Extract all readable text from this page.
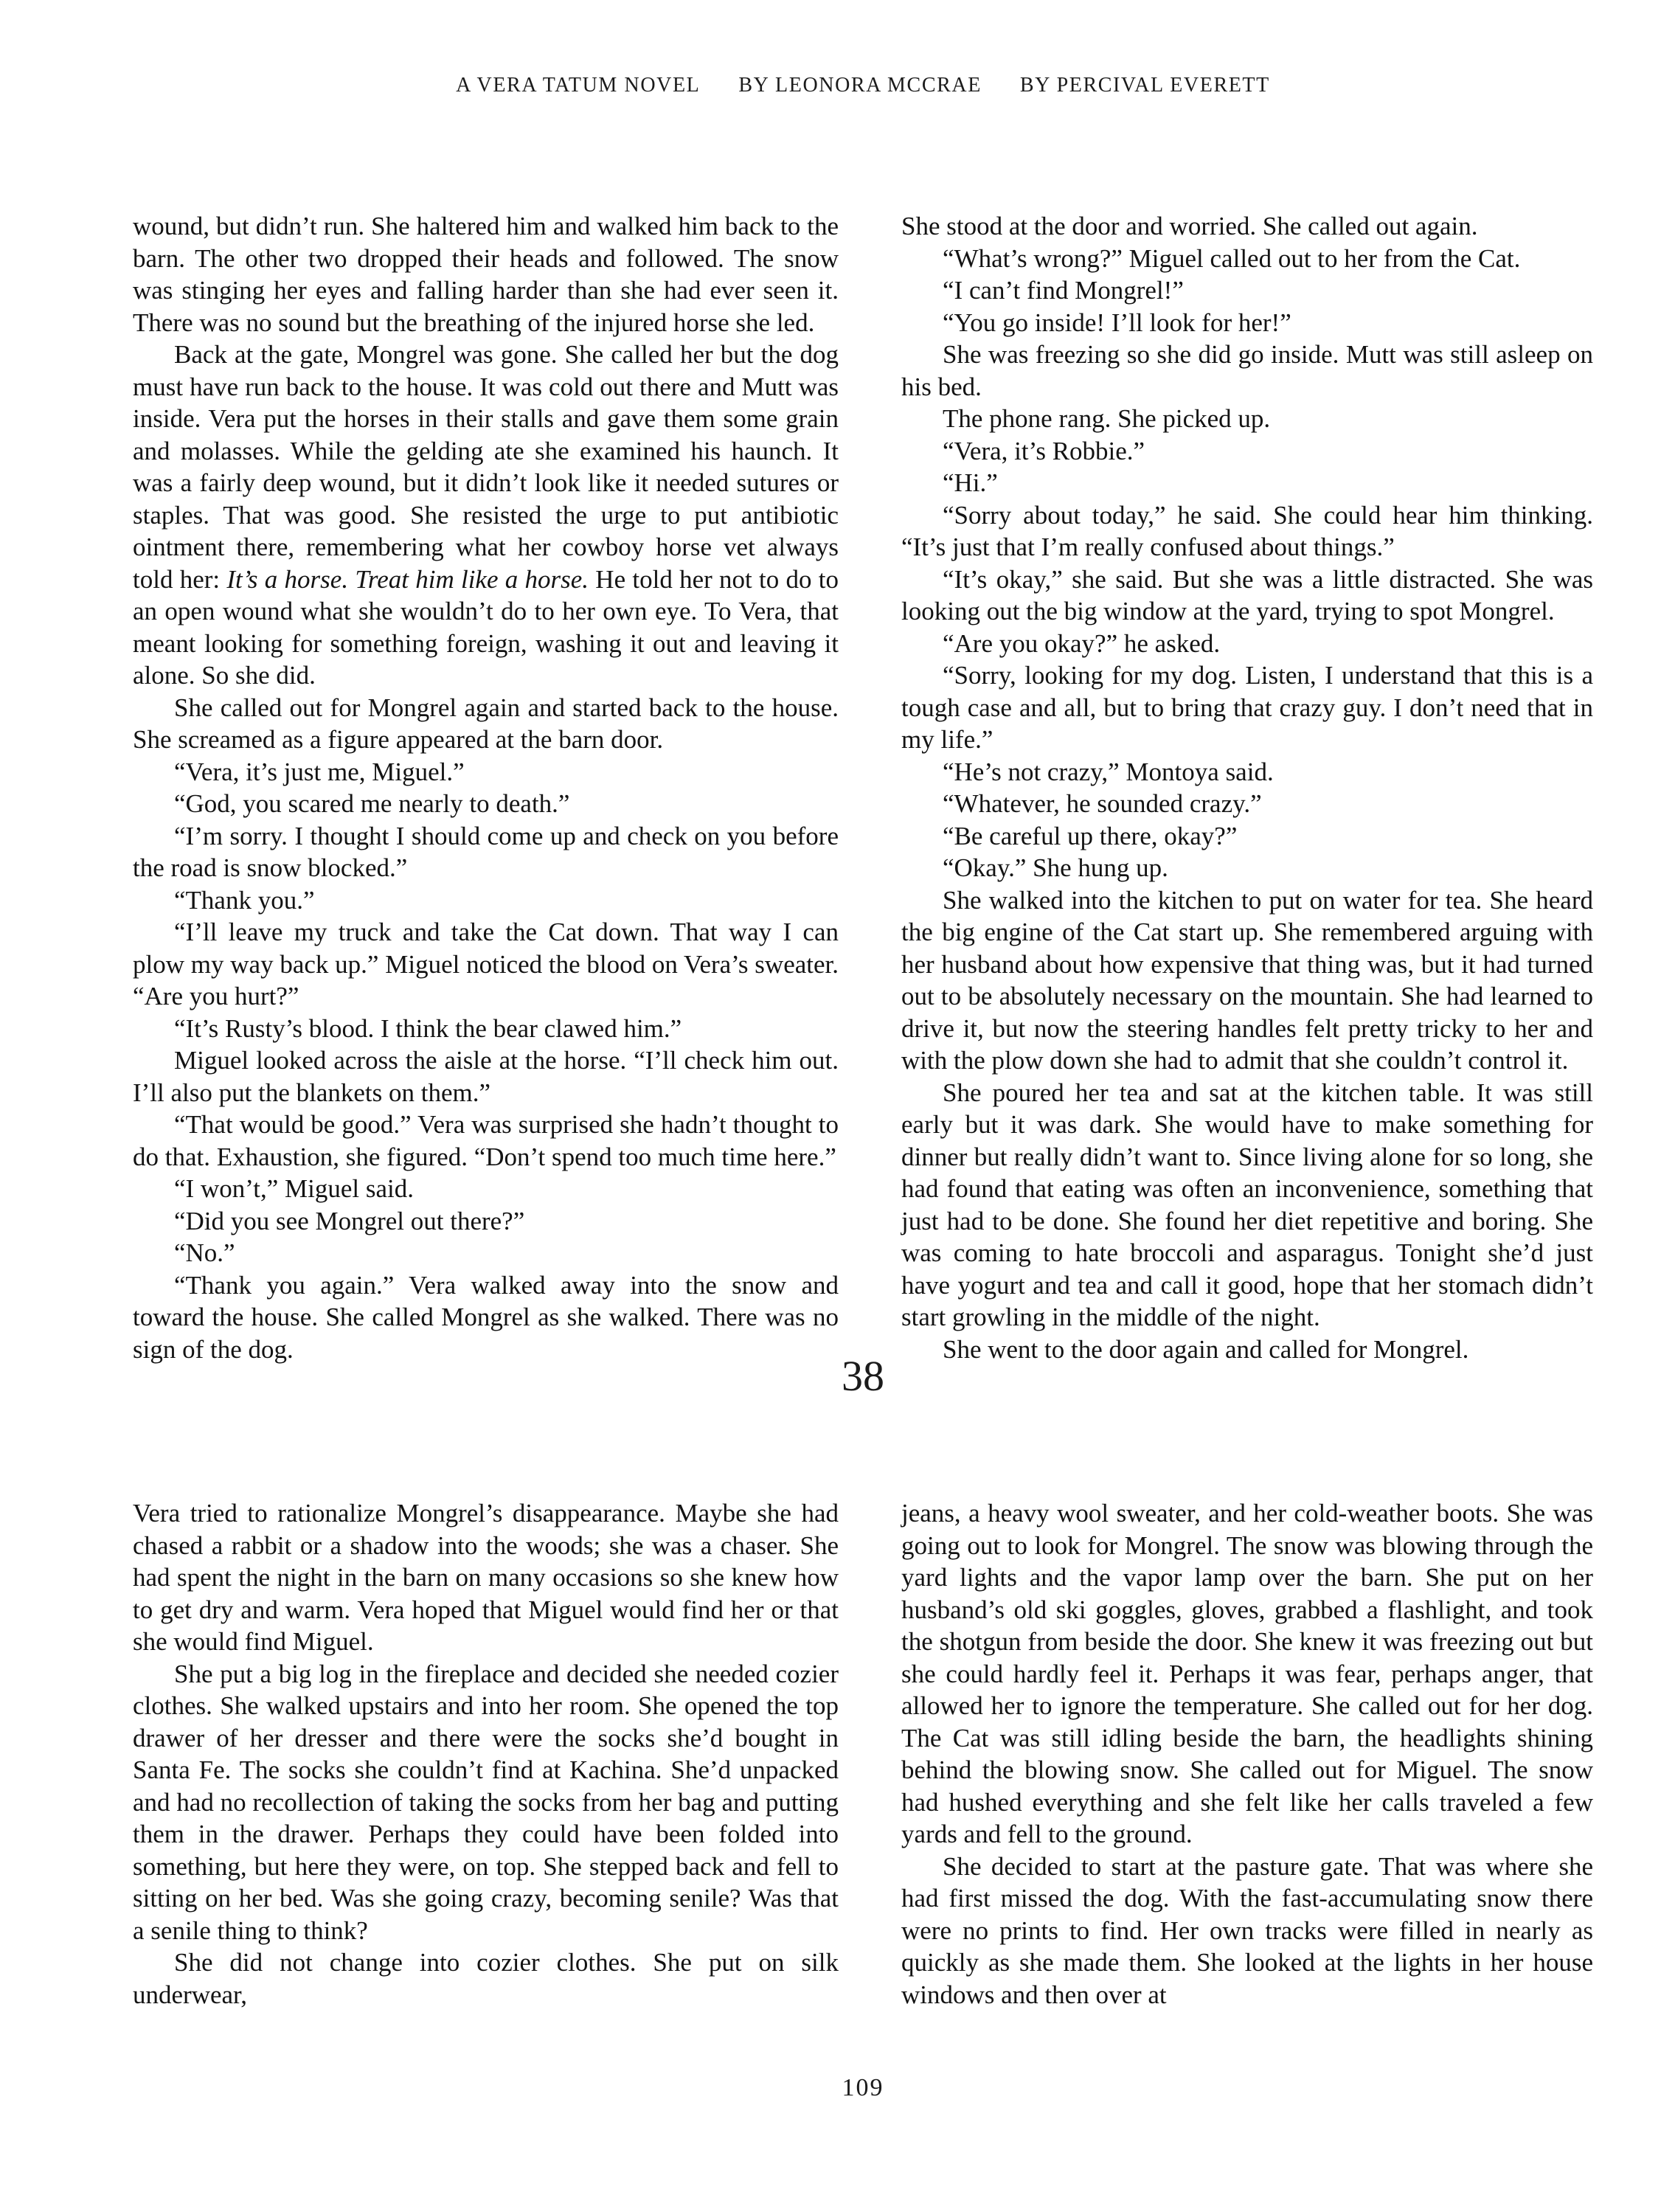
A VERA TATUM NOVEL BY LEONORA MCCRAE BY PERCIVAL EVERETT

wound, but didn’t run. She haltered him and walked him back to the barn. The other two dropped their heads and followed. The snow was stinging her eyes and falling harder than she had ever seen it. There was no sound but the breathing of the injured horse she led.

Back at the gate, Mongrel was gone. She called her but the dog must have run back to the house. It was cold out there and Mutt was inside. Vera put the horses in their stalls and gave them some grain and molasses. While the gelding ate she examined his haunch. It was a fairly deep wound, but it didn’t look like it needed sutures or staples. That was good. She resisted the urge to put antibiotic ointment there, remembering what her cowboy horse vet always told her: It’s a horse. Treat him like a horse. He told her not to do to an open wound what she wouldn’t do to her own eye. To Vera, that meant looking for something foreign, washing it out and leaving it alone. So she did.

She called out for Mongrel again and started back to the house. She screamed as a figure appeared at the barn door.

“Vera, it’s just me, Miguel.”

“God, you scared me nearly to death.”

“I’m sorry. I thought I should come up and check on you before the road is snow blocked.”

“Thank you.”

“I’ll leave my truck and take the Cat down. That way I can plow my way back up.” Miguel noticed the blood on Vera’s sweater. “Are you hurt?”

“It’s Rusty’s blood. I think the bear clawed him.”

Miguel looked across the aisle at the horse. “I’ll check him out. I’ll also put the blankets on them.”

“That would be good.” Vera was surprised she hadn’t thought to do that. Exhaustion, she figured. “Don’t spend too much time here.”

“I won’t,” Miguel said.

“Did you see Mongrel out there?”

“No.”

“Thank you again.” Vera walked away into the snow and toward the house. She called Mongrel as she walked. There was no sign of the dog.

She stood at the door and worried. She called out again.

“What’s wrong?” Miguel called out to her from the Cat.

“I can’t find Mongrel!”

“You go inside! I’ll look for her!”

She was freezing so she did go inside. Mutt was still asleep on his bed.

The phone rang. She picked up.

“Vera, it’s Robbie.”

“Hi.”

“Sorry about today,” he said. She could hear him thinking. “It’s just that I’m really confused about things.”

“It’s okay,” she said. But she was a little distracted. She was looking out the big window at the yard, trying to spot Mongrel.

“Are you okay?” he asked.

“Sorry, looking for my dog. Listen, I understand that this is a tough case and all, but to bring that crazy guy. I don’t need that in my life.”

“He’s not crazy,” Montoya said.

“Whatever, he sounded crazy.”

“Be careful up there, okay?”

“Okay.” She hung up.

She walked into the kitchen to put on water for tea. She heard the big engine of the Cat start up. She remembered arguing with her husband about how expensive that thing was, but it had turned out to be absolutely necessary on the mountain. She had learned to drive it, but now the steering handles felt pretty tricky to her and with the plow down she had to admit that she couldn’t control it.

She poured her tea and sat at the kitchen table. It was still early but it was dark. She would have to make something for dinner but really didn’t want to. Since living alone for so long, she had found that eating was often an inconvenience, something that just had to be done. She found her diet repetitive and boring. She was coming to hate broccoli and asparagus. Tonight she’d just have yogurt and tea and call it good, hope that her stomach didn’t start growling in the middle of the night.

She went to the door again and called for Mongrel.

38

Vera tried to rationalize Mongrel’s disappearance. Maybe she had chased a rabbit or a shadow into the woods; she was a chaser. She had spent the night in the barn on many occasions so she knew how to get dry and warm. Vera hoped that Miguel would find her or that she would find Miguel.

She put a big log in the fireplace and decided she needed cozier clothes. She walked upstairs and into her room. She opened the top drawer of her dresser and there were the socks she’d bought in Santa Fe. The socks she couldn’t find at Kachina. She’d unpacked and had no recollection of taking the socks from her bag and putting them in the drawer. Perhaps they could have been folded into something, but here they were, on top. She stepped back and fell to sitting on her bed. Was she going crazy, becoming senile? Was that a senile thing to think?

She did not change into cozier clothes. She put on silk underwear,

jeans, a heavy wool sweater, and her cold-weather boots. She was going out to look for Mongrel. The snow was blowing through the yard lights and the vapor lamp over the barn. She put on her husband’s old ski goggles, gloves, grabbed a flashlight, and took the shotgun from beside the door. She knew it was freezing out but she could hardly feel it. Perhaps it was fear, perhaps anger, that allowed her to ignore the temperature. She called out for her dog. The Cat was still idling beside the barn, the headlights shining behind the blowing snow. She called out for Miguel. The snow had hushed everything and she felt like her calls traveled a few yards and fell to the ground.

She decided to start at the pasture gate. That was where she had first missed the dog. With the fast-accumulating snow there were no prints to find. Her own tracks were filled in nearly as quickly as she made them. She looked at the lights in her house windows and then over at

109
